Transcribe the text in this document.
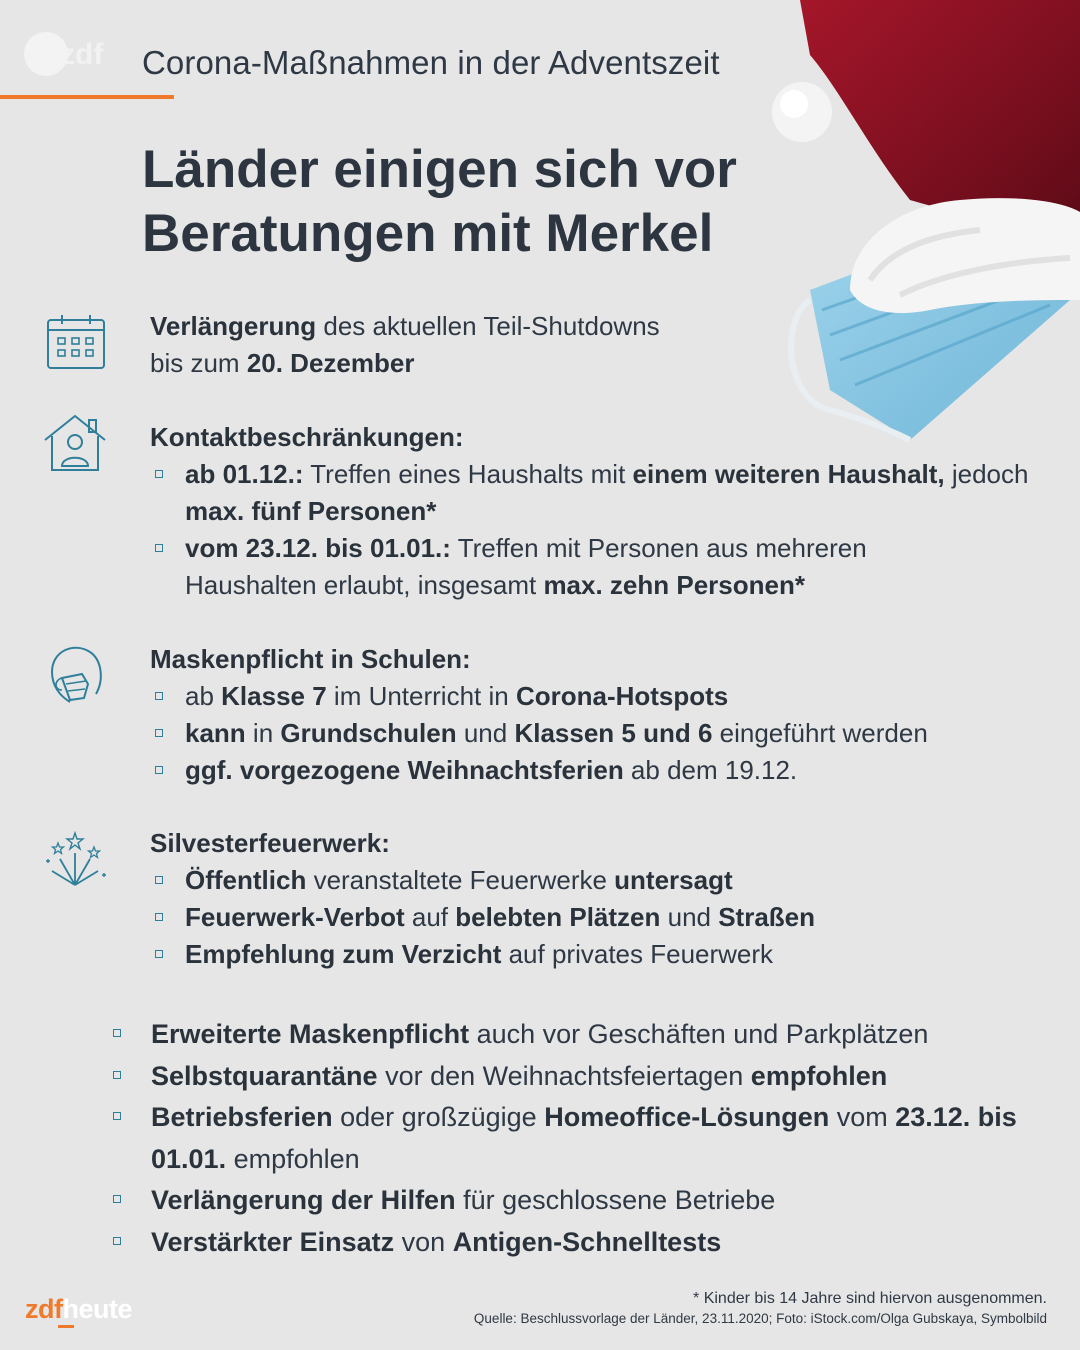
zdf Corona-Maßnahmen in der Adventszeit
Länder einigen sich vor
Beratungen mit Merkel
Verlängerung des aktuellen Teil-Shutdowns
bis zum 20. Dezember
Kontaktbeschränkungen:
ab 01.12.: Treffen eines Haushalts mit einem weiteren Haushalt, jedoch max. fünf Personen*
vom 23.12. bis 01.01.: Treffen mit Personen aus mehreren Haushalten erlaubt, insgesamt max. zehn Personen*
Maskenpflicht in Schulen:
ab Klasse 7 im Unterricht in Corona-Hotspots
kann in Grundschulen und Klassen 5 und 6 eingeführt werden
ggf. vorgezogene Weihnachtsferien ab dem 19.12.
Silvesterfeuerwerk:
Öffentlich veranstaltete Feuerwerke untersagt
Feuerwerk-Verbot auf belebten Plätzen und Straßen
Empfehlung zum Verzicht auf privates Feuerwerk
Erweiterte Maskenpflicht auch vor Geschäften und Parkplätzen
Selbstquarantäne vor den Weihnachtsfeiertagen empfohlen
Betriebsferien oder großzügige Homeoffice-Lösungen vom 23.12. bis 01.01. empfohlen
Verlängerung der Hilfen für geschlossene Betriebe
Verstärkter Einsatz von Antigen-Schnelltests
zdfheute	* Kinder bis 14 Jahre sind hiervon ausgenommen.
Quelle: Beschlussvorlage der Länder, 23.11.2020; Foto: iStock.com/Olga Gubskaya, Symbolbild
